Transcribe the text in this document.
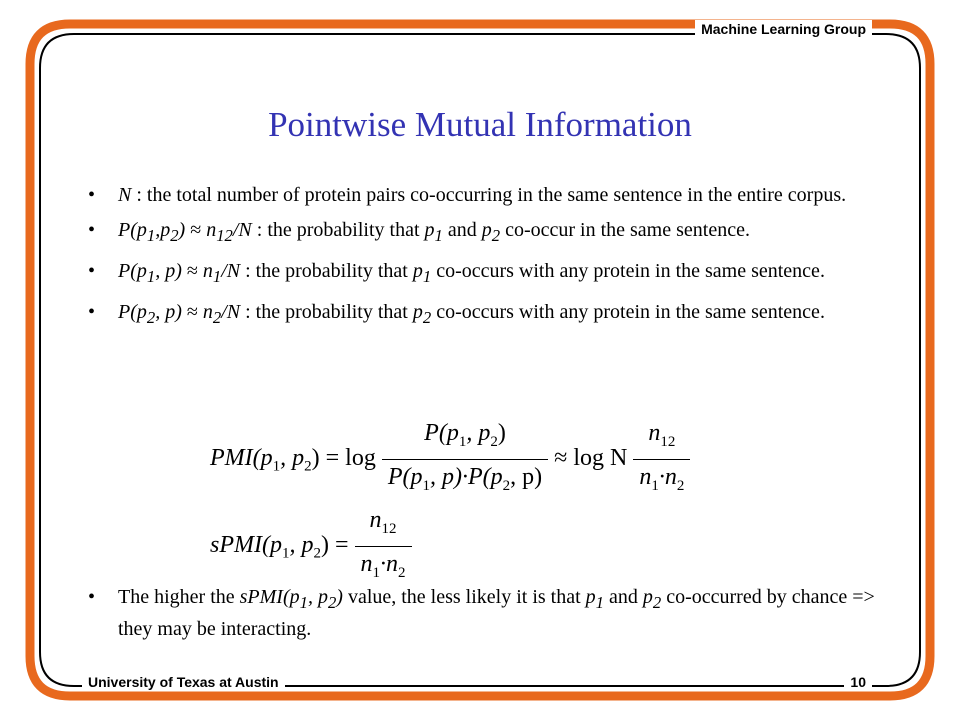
Machine Learning Group
University of Texas at Austin	10
Pointwise Mutual Information
• N : the total number of protein pairs co-occurring in the same sentence in the entire corpus.
• $P(p_1,p_2) \approx n_{12}/N$ : the probability that $p_1$ and $p_2$ co-occur in the same sentence.
• $P(p_1$, $p) \approx n_1/N$ : the probability that $p_1$ co-occurs with any protein in the same sentence.
• $P(p_2$, $p) \approx n_2/N$ : the probability that $p_2$ co-occurs with any protein in the same sentence.
$PMI(p_1$, $p_2) = \log \frac{P(p_1, p_2)}{P(p_1, p)\cdot P(p_2, p)} \approx \log N \frac{n_{12}}{n_1\cdot n_2}$
$sPMI(p_1$, $p_2) = \frac{n_{12}}{n_1\cdot n_2}$
• The higher the $sPMI(p_1$, $p_2$) value, the less likely it is that $p_1$ and $p_2$ co-occurred by chance => they may be interacting.
